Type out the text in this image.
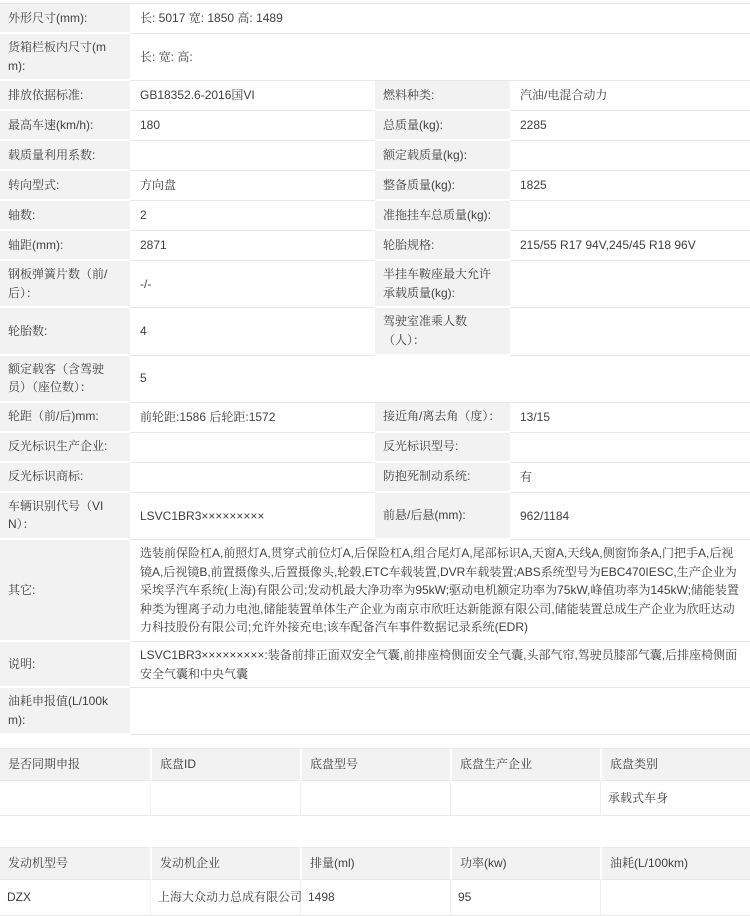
外形尺寸(mm):	长: 5017 宽: 1850 高: 1489		
货箱栏板内尺寸(mm):	长: 宽: 高:		
排放依据标准:	GB18352.6-2016国VI	燃料种类:	汽油/电混合动力
最高车速(km/h):	180	总质量(kg):	2285
载质量利用系数:		额定载质量(kg):	
转向型式:	方向盘	整备质量(kg):	1825
轴数:	2	准拖挂车总质量(kg):	
轴距(mm):	2871	轮胎规格:	215/55 R17 94V,245/45 R18 96V
钢板弹簧片数（前/后）：	-/-	半挂车鞍座最大允许承载质量(kg):	
轮胎数:	4	驾驶室准乘人数（人）：	
额定载客（含驾驶员）（座位数）：	5		
轮距（前/后)mm:	前轮距:1586 后轮距:1572	接近角/离去角（度）：	13/15
反光标识生产企业:		反光标识型号:	
反光标识商标:		防抱死制动系统:	有
车辆识别代号（VIN）：	LSVC1BR3×××××××××	前悬/后悬(mm):	962/1184
其它:	选装前保险杠A,前照灯A,贯穿式前位灯A,后保险杠A,组合尾灯A,尾部标识A,天窗A,天线A,侧窗饰条A,门把手A,后视镜A,后视镜B,前置摄像头,后置摄像头,轮毂,ETC车载装置,DVR车载装置;ABS系统型号为EBC470IESC,生产企业为采埃孚汽车系统(上海)有限公司;发动机最大净功率为95kW;驱动电机额定功率为75kW,峰值功率为145kW;储能装置种类为锂离子动力电池,储能装置单体生产企业为南京市欣旺达新能源有限公司,储能装置总成生产企业为欣旺达动力科技股份有限公司;允许外接充电;该车配备汽车事件数据记录系统(EDR)		
说明:	LSVC1BR3×××××××××:装备前排正面双安全气囊,前排座椅侧面安全气囊,头部气帘,驾驶员膝部气囊,后排座椅侧面安全气囊和中央气囊		
油耗申报值(L/100km):			
是否同期申报	底盘ID	底盘型号	底盘生产企业	底盘类别
				承载式车身
发动机型号	发动机企业	排量(ml)	功率(kw)	油耗(L/100km)
DZX	上海大众动力总成有限公司	1498	95	
